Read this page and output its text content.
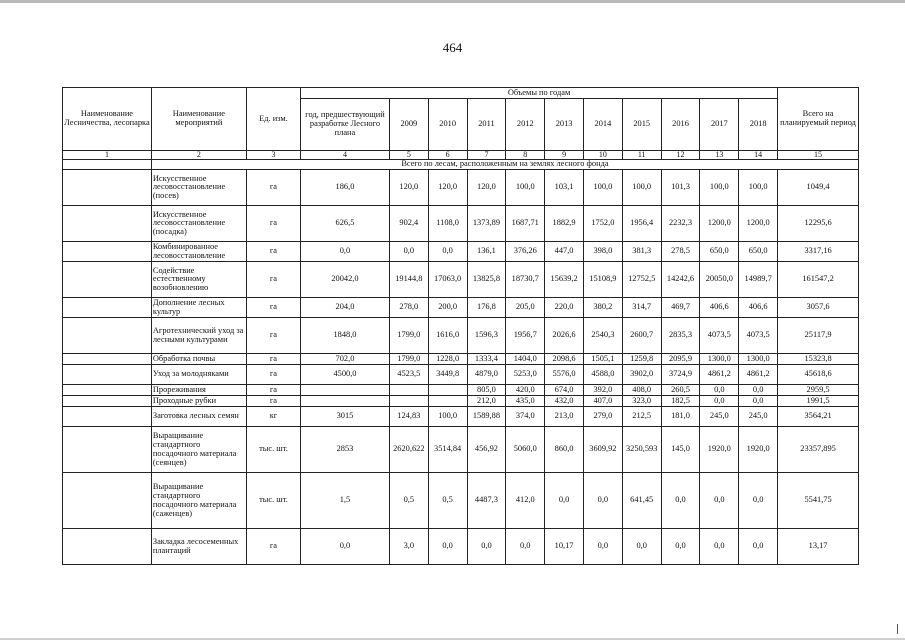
464
Наименование Лесничества, лесопарка	Наименование мероприятий	Ед. изм.	Объемы по годам											Всего на планируемый период
			год, предшествующий разработке Лесного плана	2009	2010	2011	2012	2013	2014	2015	2016	2017	2018	
1	2	3	4	5	6	7	8	9	10	11	12	13	14	15
	Всего по лесам, расположенным на землях лесного фонда													
	Искусственное лесовосстановление (посев)	га	186,0	120,0	120,0	120,0	100,0	103,1	100,0	100,0	101,3	100,0	100,0	1049,4
	Искусственное лесовосстановление (посадка)	га	626,5	902,4	1108,0	1373,89	1687,71	1882,9	1752,0	1956,4	2232,3	1200,0	1200,0	12295,6
	Комбинированное лесовосстановление	га	0,0	0,0	0,0	136,1	376,26	447,0	398,0	381,3	278,5	650,0	650,0	3317,16
	Содействие естественному возобновлению	га	20042,0	19144,8	17063,0	13825,8	18730,7	15639,2	15108,9	12752,5	14242,6	20050,0	14989,7	161547,2
	Дополнение лесных культур	га	204,0	278,0	200,0	176,8	205,0	220,0	380,2	314,7	469,7	406,6	406,6	3057,6
	Агротехнический уход за лесными культурами	га	1848,0	1799,0	1616,0	1596,3	1956,7	2026,6	2540,3	2600,7	2835,3	4073,5	4073,5	25117,9
	Обработка почвы	га	702,0	1799,0	1228,0	1333,4	1404,0	2098,6	1505,1	1259,8	2095,9	1300,0	1300,0	15323,8
	Уход за молодняками	га	4500,0	4523,5	3449,8	4879,0	5253,0	5576,0	4588,0	3902,0	3724,9	4861,2	4861,2	45618,6
	Прореживания	га				805,0	420,0	674,0	392,0	408,0	260,5	0,0	0,0	2959,5
	Проходные рубки	га				212,0	435,0	432,0	407,0	323,0	182,5	0,0	0,0	1991,5
	Заготовка лесных семян	кг	3015	124,83	100,0	1589,88	374,0	213,0	279,0	212,5	181,0	245,0	245,0	3564,21
	Выращивание стандартного посадочного материала (сеянцев)	тыс. шт.	2853	2620,622	3514,84	456,92	5060,0	860,0	3609,92	3250,593	145,0	1920,0	1920,0	23357,895
	Выращивание стандартного посадочного материала (саженцев)	тыс. шт.	1,5	0,5	0,5	4487,3	412,0	0,0	0,0	641,45	0,0	0,0	0,0	5541,75
	Закладка лесосеменных плантаций	га	0,0	3,0	0,0	0,0	0,0	10,17	0,0	0,0	0,0	0,0	0,0	13,17
